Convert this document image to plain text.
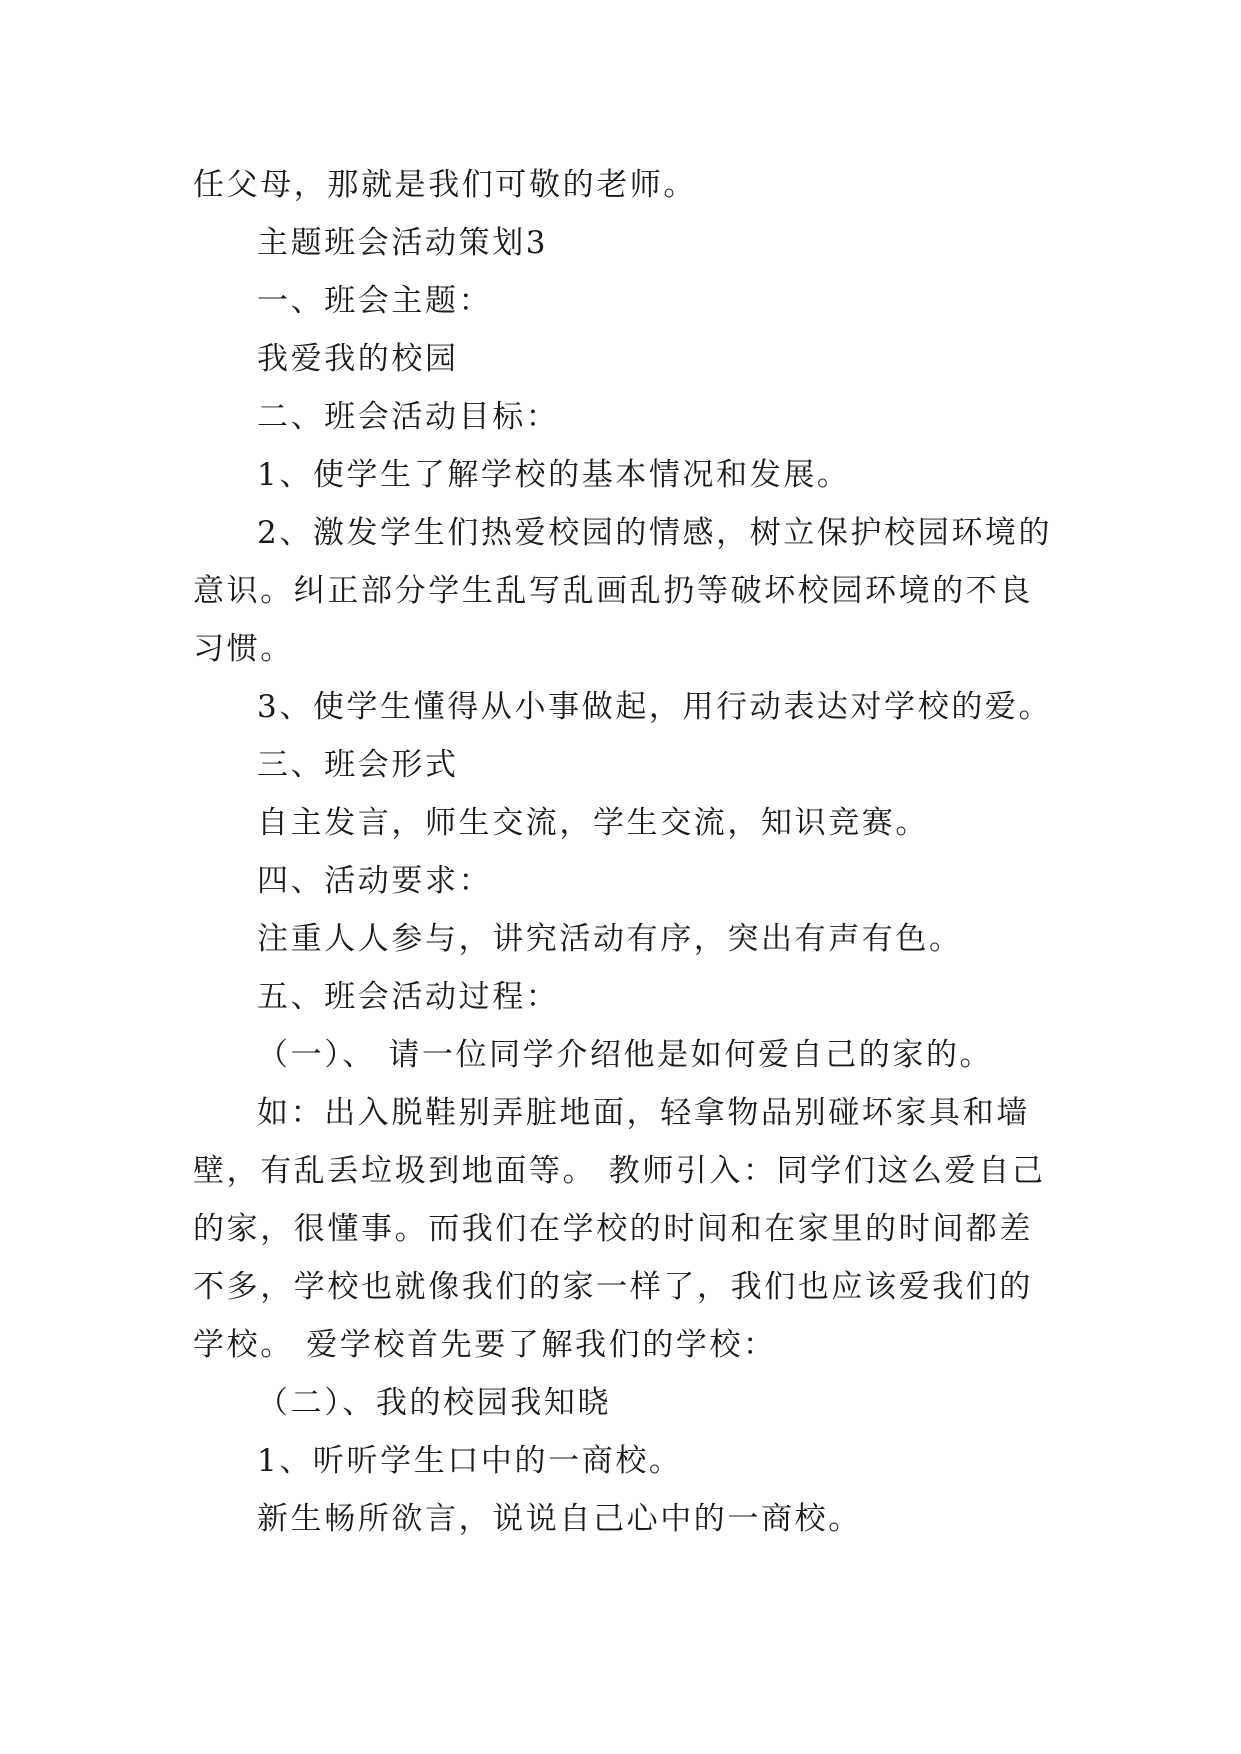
任父母，那就是我们可敬的老师。

主题班会活动策划3

一、班会主题：

我爱我的校园

二、班会活动目标：

1、使学生了解学校的基本情况和发展。

2、激发学生们热爱校园的情感，树立保护校园环境的意识。纠正部分学生乱写乱画乱扔等破坏校园环境的不良习惯。

3、使学生懂得从小事做起，用行动表达对学校的爱。

三、班会形式

自主发言，师生交流，学生交流，知识竞赛。

四、活动要求：

注重人人参与，讲究活动有序，突出有声有色。

五、班会活动过程：

（一）、 请一位同学介绍他是如何爱自己的家的。

如：出入脱鞋别弄脏地面，轻拿物品别碰坏家具和墙壁，有乱丢垃圾到地面等。 教师引入：同学们这么爱自己的家，很懂事。而我们在学校的时间和在家里的时间都差不多，学校也就像我们的家一样了，我们也应该爱我们的学校。 爱学校首先要了解我们的学校：

（二）、我的校园我知晓

1、听听学生口中的一商校。

新生畅所欲言，说说自己心中的一商校。
